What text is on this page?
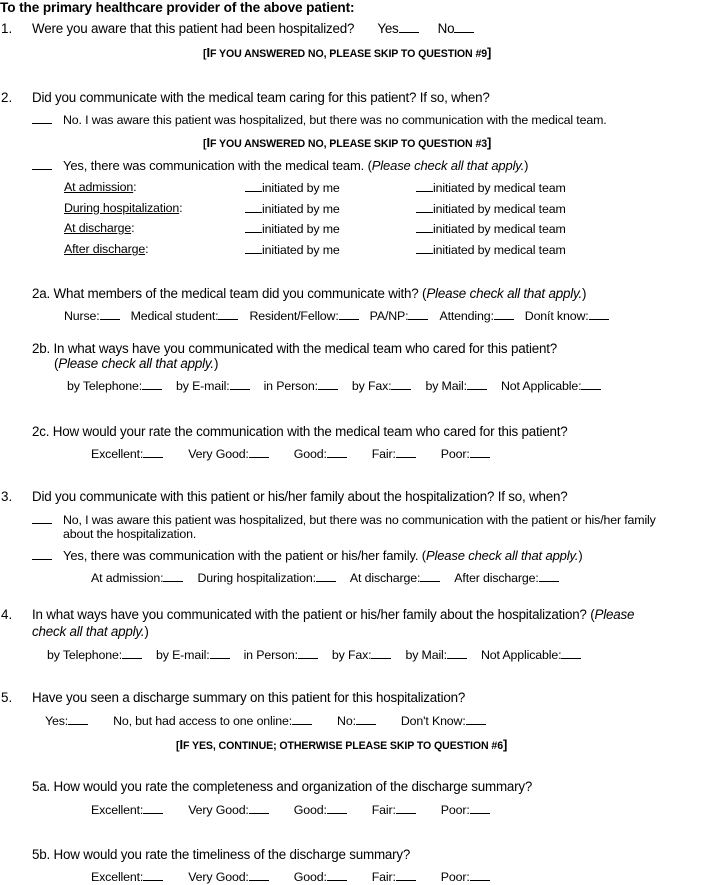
To the primary healthcare provider of the above patient:
1. Were you aware that this patient had been hospitalized? Yes	No
[IF YOU ANSWERED NO, PLEASE SKIP TO QUESTION #9]
2. Did you communicate with the medical team caring for this patient? If so, when?
No. I was aware this patient was hospitalized, but there was no communication with the medical team.
[IF YOU ANSWERED NO, PLEASE SKIP TO QUESTION #3]
Yes, there was communication with the medical team. (Please check all that apply.)
At admission:	initiated by me	initiated by medical team
During hospitalization:	initiated by me	initiated by medical team
At discharge:	initiated by me	initiated by medical team
After discharge:	initiated by me	initiated by medical team
2a. What members of the medical team did you communicate with? (Please check all that apply.)
Nurse:	Medical student:	Resident/Fellow:	PA/NP:	Attending:	Donít know:
2b. In what ways have you communicated with the medical team who cared for this patient?
(Please check all that apply.)
by Telephone:	by E-mail:	in Person:	by Fax:	by Mail:	Not Applicable:
2c. How would your rate the communication with the medical team who cared for this patient?
Excellent:	Very Good:	Good:	Fair:	Poor:
3. Did you communicate with this patient or his/her family about the hospitalization? If so, when?
No, I was aware this patient was hospitalized, but there was no communication with the patient or his/her family
about the hospitalization.
Yes, there was communication with the patient or his/her family. (Please check all that apply.)
At admission:	During hospitalization:	At discharge:	After discharge:
4. In what ways have you communicated with the patient or his/her family about the hospitalization? (Please
check all that apply.)
by Telephone:	by E-mail:	in Person:	by Fax:	by Mail:	Not Applicable:
5. Have you seen a discharge summary on this patient for this hospitalization?
Yes:	No, but had access to one online:	No:	Don't Know:
[IF YES, CONTINUE; OTHERWISE PLEASE SKIP TO QUESTION #6]
5a. How would you rate the completeness and organization of the discharge summary?
Excellent:	Very Good:	Good:	Fair:	Poor:
5b. How would you rate the timeliness of the discharge summary?
Excellent:	Very Good:	Good:	Fair:	Poor:
